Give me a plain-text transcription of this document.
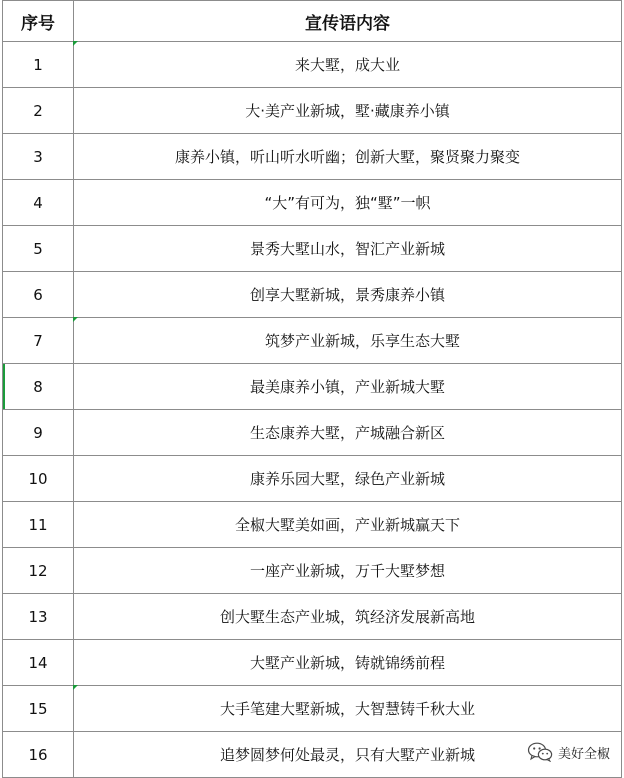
序号	宣传语内容
1	来大墅，成大业
2	大·美产业新城，墅·藏康养小镇
3	康养小镇，听山听水听幽；创新大墅，聚贤聚力聚变
4	“大”有可为，独“墅”一帜
5	景秀大墅山水，智汇产业新城
6	创享大墅新城，景秀康养小镇
7	筑梦产业新城，乐享生态大墅
8	最美康养小镇，产业新城大墅
9	生态康养大墅，产城融合新区
10	康养乐园大墅，绿色产业新城
11	全椒大墅美如画，产业新城赢天下
12	一座产业新城，万千大墅梦想
13	创大墅生态产业城，筑经济发展新高地
14	大墅产业新城，铸就锦绣前程
15	大手笔建大墅新城，大智慧铸千秋大业
16	追梦圆梦何处最灵，只有大墅产业新城	美好全椒
